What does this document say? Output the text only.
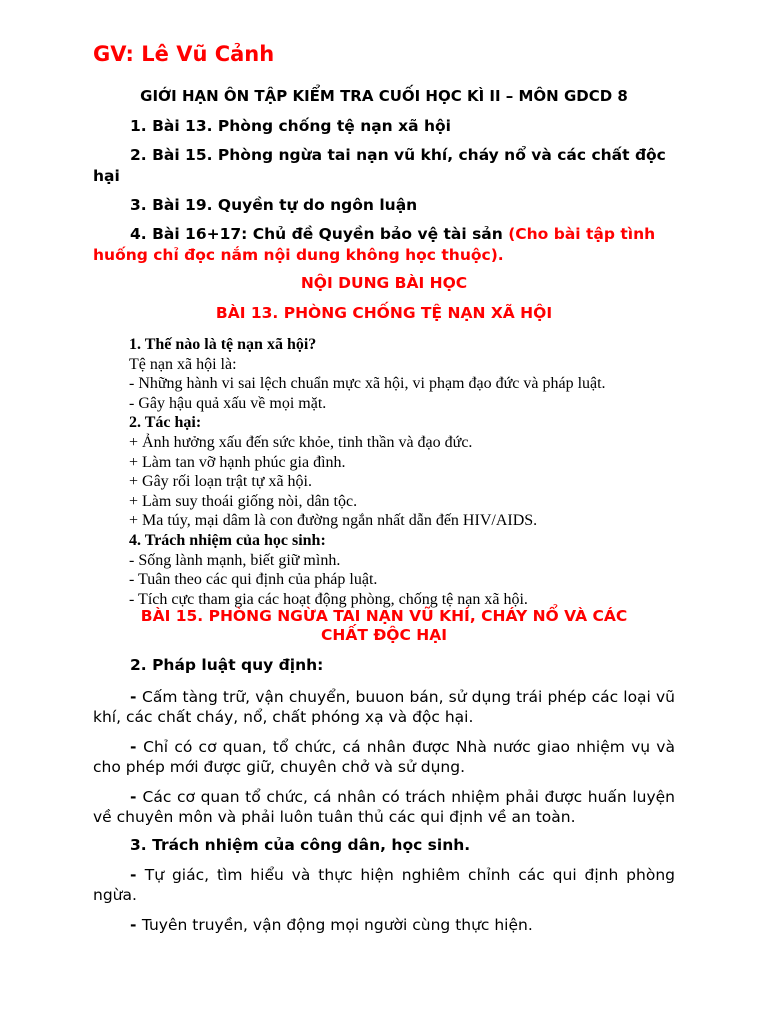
GV: Lê Vũ Cảnh
GIỚI HẠN ÔN TẬP KIỂM TRA CUỐI HỌC KÌ II – MÔN GDCD 8
1. Bài 13. Phòng chống tệ nạn xã hội
2. Bài 15. Phòng ngừa tai nạn vũ khí, cháy nổ và các chất độc hại
3. Bài 19. Quyền tự do ngôn luận
4. Bài 16+17: Chủ đề Quyền bảo vệ tài sản (Cho bài tập tình huống chỉ đọc nắm nội dung không học thuộc).
NỘI DUNG BÀI HỌC
BÀI 13. PHÒNG CHỐNG TỆ NẠN XÃ HỘI
1. Thế nào là tệ nạn xã hội?
Tệ nạn xã hội là:
- Những hành vi sai lệch chuẩn mực xã hội, vi phạm đạo đức và pháp luật.
- Gây hậu quả xấu về mọi mặt.
2. Tác hại:
+ Ảnh hưởng xấu đến sức khỏe, tinh thần và đạo đức.
+ Làm tan vỡ hạnh phúc gia đình.
+ Gây rối loạn trật tự xã hội.
+ Làm suy thoái giống nòi, dân tộc.
+ Ma túy, mại dâm là con đường ngắn nhất dẫn đến HIV/AIDS.
4. Trách nhiệm của học sinh:
- Sống lành mạnh, biết giữ mình.
- Tuân theo các qui định của pháp luật.
- Tích cực tham gia các hoạt động phòng, chống tệ nạn xã hội.
BÀI 15. PHÒNG NGỪA TAI NẠN VŨ KHÍ, CHÁY NỔ VÀ CÁC
CHẤT ĐỘC HẠI
2. Pháp luật quy định:
- Cấm tàng trữ, vận chuyển, buuon bán, sử dụng trái phép các loại vũ khí, các chất cháy, nổ, chất phóng xạ và độc hại.
- Chỉ có cơ quan, tổ chức, cá nhân được Nhà nước giao nhiệm vụ và cho phép mới được giữ, chuyên chở và sử dụng.
- Các cơ quan tổ chức, cá nhân có trách nhiệm phải được huấn luyện về chuyên môn và phải luôn tuân thủ các qui định về an toàn.
3. Trách nhiệm của công dân, học sinh.
- Tự giác, tìm hiểu và thực hiện nghiêm chỉnh các qui định phòng ngừa.
- Tuyên truyền, vận động mọi người cùng thực hiện.
